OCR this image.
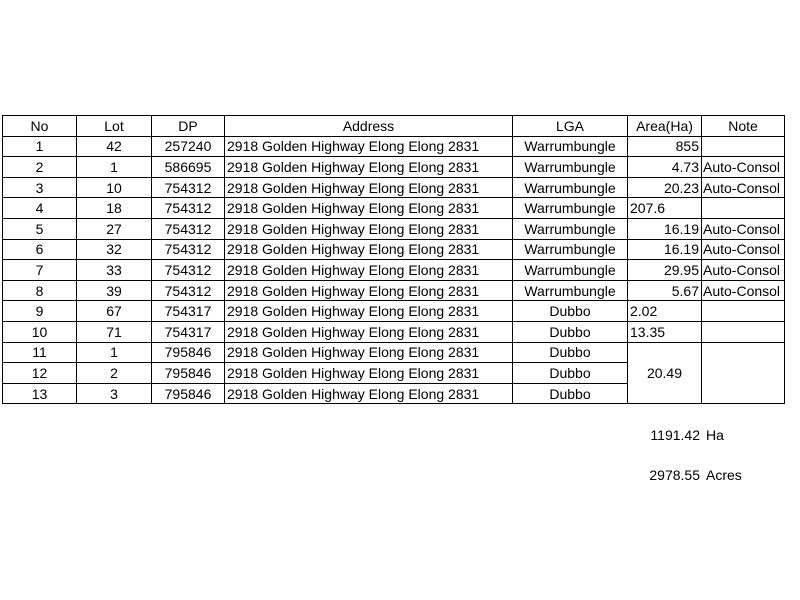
No	Lot	DP	Address	LGA	Area(Ha)	Note
1	42	257240	2918 Golden Highway Elong Elong 2831	Warrumbungle	855	
2	1	586695	2918 Golden Highway Elong Elong 2831	Warrumbungle	4.73	Auto-Consol
3	10	754312	2918 Golden Highway Elong Elong 2831	Warrumbungle	20.23	Auto-Consol
4	18	754312	2918 Golden Highway Elong Elong 2831	Warrumbungle	207.6	
5	27	754312	2918 Golden Highway Elong Elong 2831	Warrumbungle	16.19	Auto-Consol
6	32	754312	2918 Golden Highway Elong Elong 2831	Warrumbungle	16.19	Auto-Consol
7	33	754312	2918 Golden Highway Elong Elong 2831	Warrumbungle	29.95	Auto-Consol
8	39	754312	2918 Golden Highway Elong Elong 2831	Warrumbungle	5.67	Auto-Consol
9	67	754317	2918 Golden Highway Elong Elong 2831	Dubbo	2.02	
10	71	754317	2918 Golden Highway Elong Elong 2831	Dubbo	13.35	
11	1	795846	2918 Golden Highway Elong Elong 2831	Dubbo	20.49	
12	2	795846	2918 Golden Highway Elong Elong 2831	Dubbo		
13	3	795846	2918 Golden Highway Elong Elong 2831	Dubbo		
1191.42 Ha
2978.55 Acres
